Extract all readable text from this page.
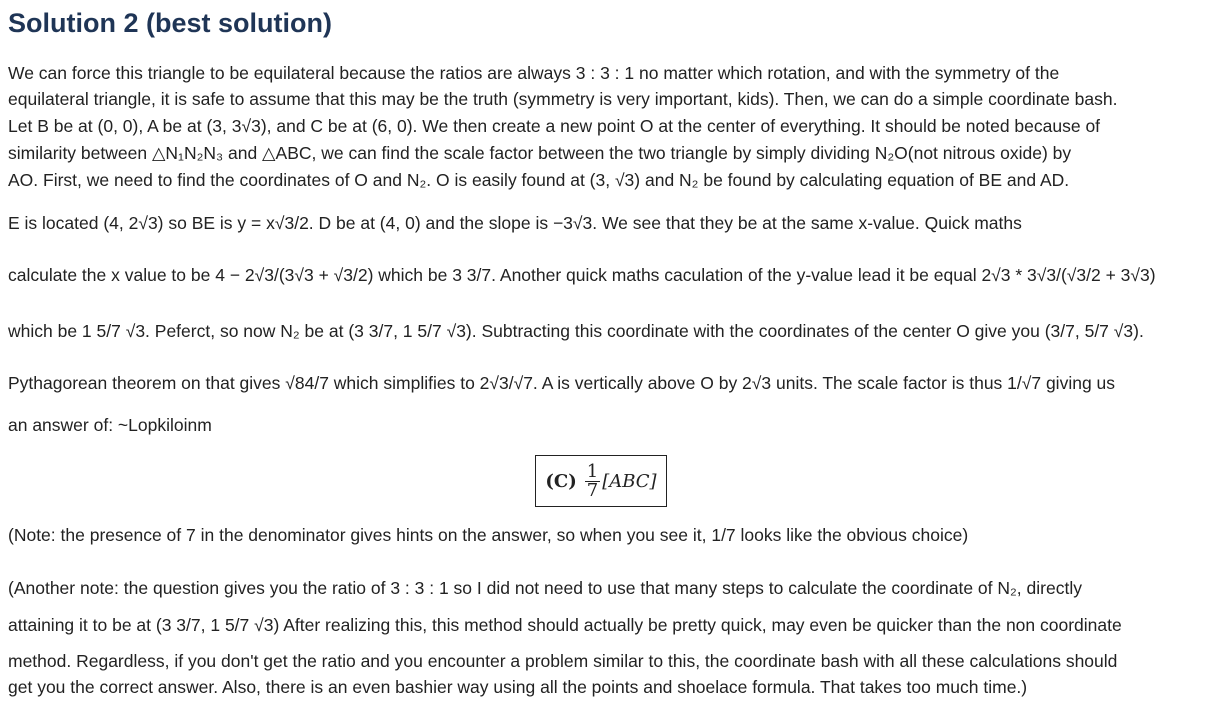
Solution 2 (best solution)
We can force this triangle to be equilateral because the ratios are always 3 : 3 : 1 no matter which rotation, and with the symmetry of the
equilateral triangle, it is safe to assume that this may be the truth (symmetry is very important, kids). Then, we can do a simple coordinate bash.
Let B be at (0, 0), A be at (3, 3√3), and C be at (6, 0). We then create a new point O at the center of everything. It should be noted because of
similarity between △N₁N₂N₃ and △ABC, we can find the scale factor between the two triangle by simply dividing N₂O(not nitrous oxide) by
AO. First, we need to find the coordinates of O and N₂. O is easily found at (3, √3) and N₂ be found by calculating equation of BE and AD.
E is located (4, 2√3) so BE is y = x√3/2. D be at (4, 0) and the slope is −3√3. We see that they be at the same x-value. Quick maths
calculate the x value to be 4 − 2√3/(3√3 + √3/2) which be 3 3/7. Another quick maths caculation of the y-value lead it be equal 2√3 * 3√3/(√3/2 + 3√3)
which be 1 5/7 √3. Peferct, so now N₂ be at (3 3/7, 1 5/7 √3). Subtracting this coordinate with the coordinates of the center O give you (3/7, 5/7 √3).
Pythagorean theorem on that gives √84/7 which simplifies to 2√3/√7. A is vertically above O by 2√3 units. The scale factor is thus 1/√7 giving us
an answer of: ~Lopkiloinm
$(C) \frac{1}{7} [ABC]$
(Note: the presence of 7 in the denominator gives hints on the answer, so when you see it, 1/7 looks like the obvious choice)
(Another note: the question gives you the ratio of 3 : 3 : 1 so I did not need to use that many steps to calculate the coordinate of N₂, directly
attaining it to be at (3 3/7, 1 5/7 √3) After realizing this, this method should actually be pretty quick, may even be quicker than the non coordinate
method. Regardless, if you don't get the ratio and you encounter a problem similar to this, the coordinate bash with all these calculations should
get you the correct answer. Also, there is an even bashier way using all the points and shoelace formula. That takes too much time.)
